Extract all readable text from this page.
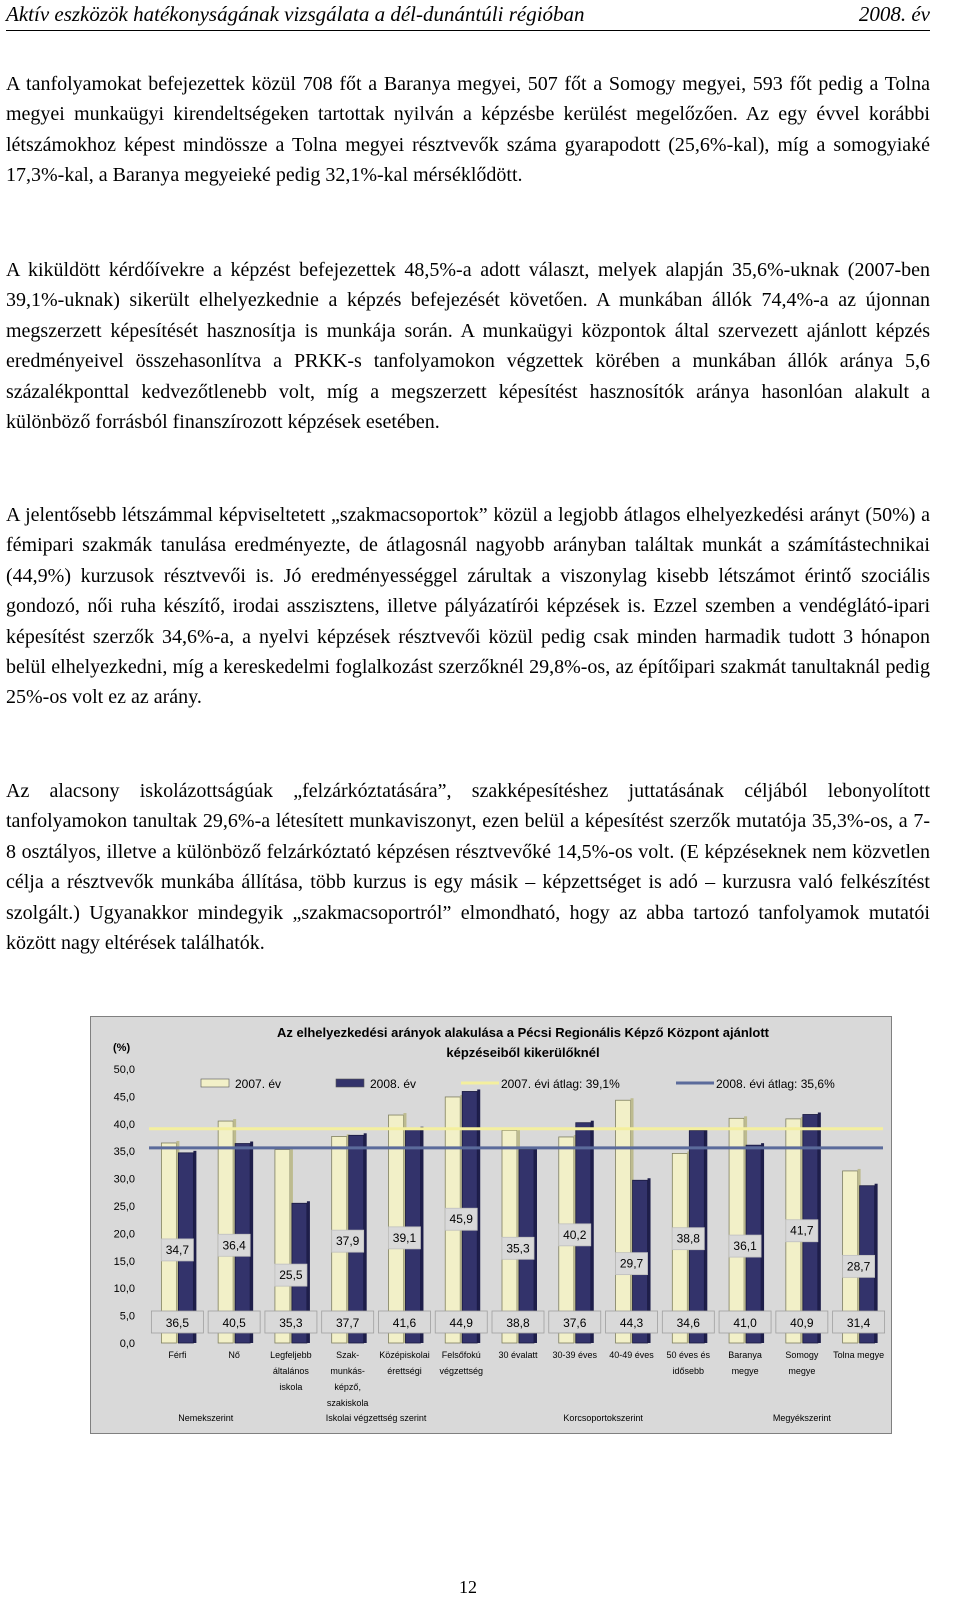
Aktív eszközök hatékonyságának vizsgálata a dél-dunántúli régióban	2008. év

A tanfolyamokat befejezettek közül 708 főt a Baranya megyei, 507 főt a Somogy megyei, 593 főt pedig a Tolna megyei munkaügyi kirendeltségeken tartottak nyilván a képzésbe kerülést megelőzően. Az egy évvel korábbi létszámokhoz képest mindössze a Tolna megyei résztvevők száma gyarapodott (25,6%-kal), míg a somogyiaké 17,3%-kal, a Baranya megyeieké pedig 32,1%-kal mérséklődött.

A kiküldött kérdőívekre a képzést befejezettek 48,5%-a adott választ, melyek alapján 35,6%-uknak (2007-ben 39,1%-uknak) sikerült elhelyezkednie a képzés befejezését követően. A munkában állók 74,4%-a az újonnan megszerzett képesítését hasznosítja is munkája során. A munkaügyi központok által szervezett ajánlott képzés eredményeivel összehasonlítva a PRKK-s tanfolyamokon végzettek körében a munkában állók aránya 5,6 százalékponttal kedvezőtlenebb volt, míg a megszerzett képesítést hasznosítók aránya hasonlóan alakult a különböző forrásból finanszírozott képzések esetében.

A jelentősebb létszámmal képviseltetett „szakmacsoportok” közül a legjobb átlagos elhelyezkedési arányt (50%) a fémipari szakmák tanulása eredményezte, de átlagosnál nagyobb arányban találtak munkát a számítástechnikai (44,9%) kurzusok résztvevői is. Jó eredményességgel zárultak a viszonylag kisebb létszámot érintő szociális gondozó, női ruha készítő, irodai asszisztens, illetve pályázatírói képzések is. Ezzel szemben a vendéglátó-ipari képesítést szerzők 34,6%-a, a nyelvi képzések résztvevői közül pedig csak minden harmadik tudott 3 hónapon belül elhelyezkedni, míg a kereskedelmi foglalkozást szerzőknél 29,8%-os, az építőipari szakmát tanultaknál pedig 25%-os volt ez az arány.

Az alacsony iskolázottságúak „felzárkóztatására”, szakképesítéshez juttatásának céljából lebonyolított tanfolyamokon tanultak 29,6%-a létesített munkaviszonyt, ezen belül a képesítést szerzők mutatója 35,3%-os, a 7-8 osztályos, illetve a különböző felzárkóztató képzésen résztvevőké 14,5%-os volt. (E képzéseknek nem közvetlen célja a résztvevők munkába állítása, több kurzus is egy másik – képzettséget is adó – kurzusra való felkészítést szolgált.) Ugyanakkor mindegyik „szakmacsoportról” elmondható, hogy az abba tartozó tanfolyamok mutatói között nagy eltérések találhatók.

Az elhelyezkedési arányok alakulása a Pécsi Regionális Képző Központ ajánlott
képzéseiből kikerülőknél
(%)
0,0
5,0
10,0
15,0
20,0
25,0
30,0
35,0
40,0
45,0
50,0
34,7	36,4
25,5
37,9	39,1
45,9
35,3
40,2
29,7
38,8
36,1
41,7
28,7
36,5	40,5	35,3	37,7	41,6	44,9	38,8	37,6	44,3	34,6	41,0	40,9	31,4
Férfi	Nő	Legfeljebb
általános
iskola
Szak-
munkás-
képző,
szakiskola
Középiskolai
érettségi
Felsőfokú
végzettség
30 évalatt 30-39 éves 40-49 éves 50 éves és
idősebb
Baranya
megye
Somogy
megye
Tolna megye
Nemekszerint	Iskolai végzettség szerint	Korcsoportokszerint	Megyékszerint
2007. év	2008. év	2007. évi átlag: 39,1%	2008. évi átlag: 35,6%
12
